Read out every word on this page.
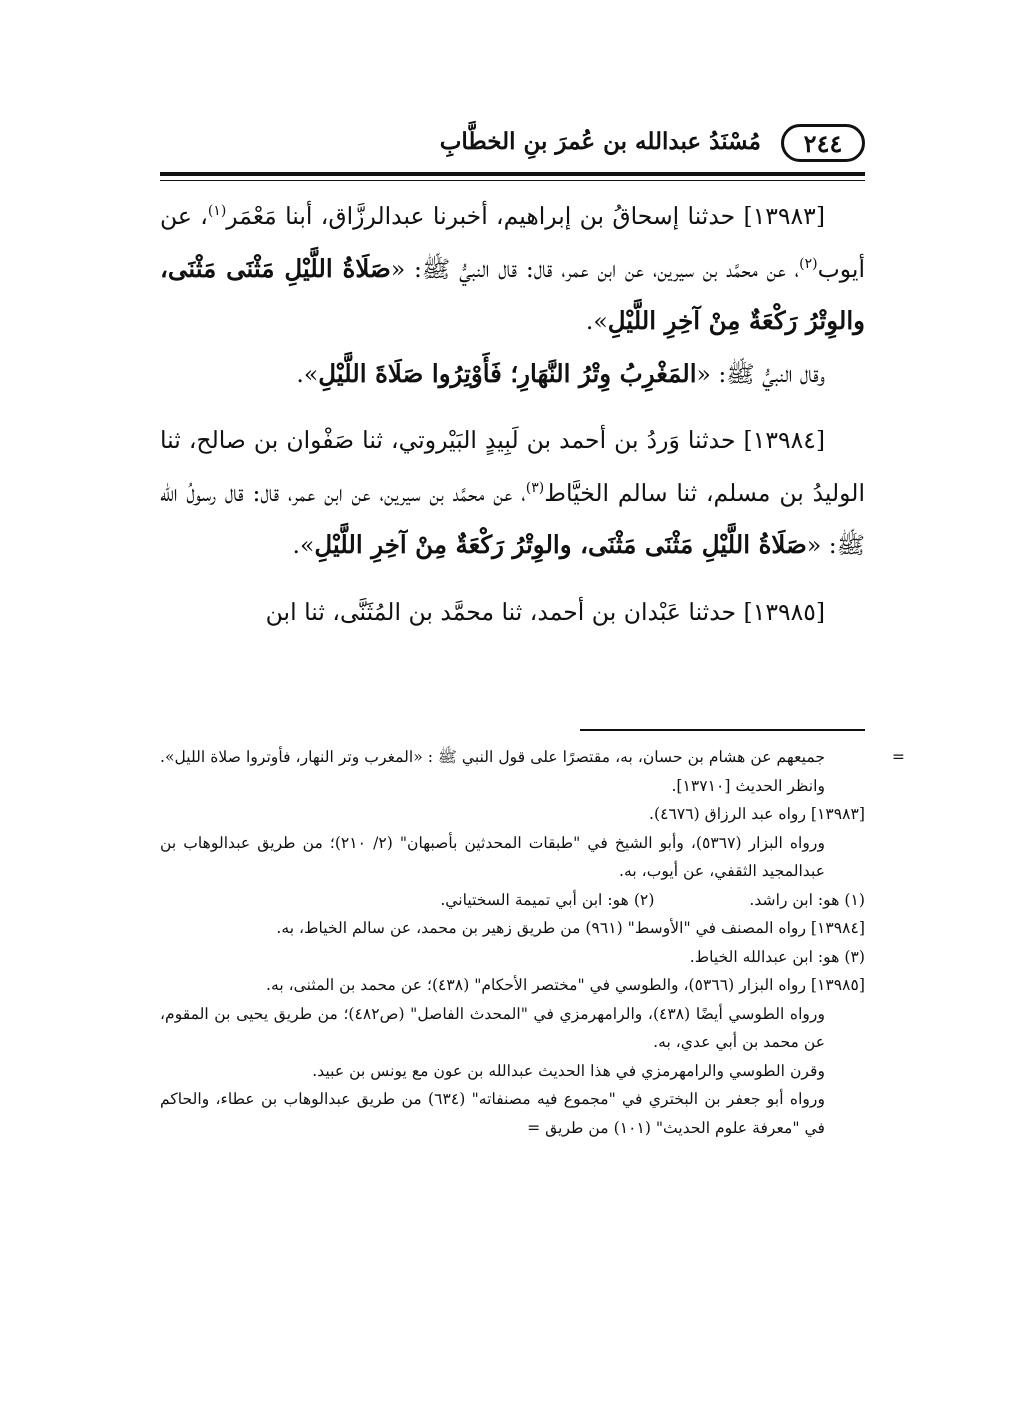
٢٤٤
مُسْنَدُ عبدالله بن عُمرَ بنِ الخطَّابِ

[١٣٩٨٣] حدثنا إسحاقُ بن إبراهيم، أخبرنا عبدالرزَّاق، أبنا مَعْمَر$^{(١)}$، عن أيوب$^{(٢)}$، عن محمَّد بن سيرين، عن ابن عمر، قال: قال النبيُّ ﷺ: «صَلَاةُ اللَّيْلِ مَثْنَى مَثْنَى، والوِتْرُ رَكْعَةٌ مِنْ آخِرِ اللَّيْلِ».

وقال النبيُّ ﷺ: «المَغْرِبُ وِتْرُ النَّهَارِ؛ فَأَوْتِرُوا صَلَاةَ اللَّيْلِ».

[١٣٩٨٤] حدثنا وَردُ بن أحمد بن لَبِيدٍ البَيْروتي، ثنا صَفْوان بن صالح، ثنا الوليدُ بن مسلم، ثنا سالم الخيَّاط$^{(٣)}$، عن محمَّد بن سيرين، عن ابن عمر، قال: قال رسولُ الله ﷺ: «صَلَاةُ اللَّيْلِ مَثْنَى مَثْنَى، والوِتْرُ رَكْعَةٌ مِنْ آخِرِ اللَّيْلِ».

[١٣٩٨٥] حدثنا عَبْدان بن أحمد، ثنا محمَّد بن المُثَنَّى، ثنا ابن

=جميعهم عن هشام بن حسان، به، مقتصرًا على قول النبي ﷺ : «المغرب وتر النهار، فأوتروا صلاة الليل». وانظر الحديث [١٣٧١٠].

[١٣٩٨٣] رواه عبد الرزاق (٤٦٧٦).

ورواه البزار (٥٣٦٧)، وأبو الشيخ في "طبقات المحدثين بأصبهان" (٢/ ٢١٠)؛ من طريق عبدالوهاب بن عبدالمجيد الثقفي، عن أيوب، به.

(١) هو: ابن راشد.
(٢) هو: ابن أبي تميمة السختياني.

[١٣٩٨٤] رواه المصنف في "الأوسط" (٩٦١) من طريق زهير بن محمد، عن سالم الخياط، به.

(٣) هو: ابن عبدالله الخياط.

[١٣٩٨٥] رواه البزار (٥٣٦٦)، والطوسي في "مختصر الأحكام" (٤٣٨)؛ عن محمد بن المثنى، به.

ورواه الطوسي أيضًا (٤٣٨)، والرامهرمزي في "المحدث الفاصل" (ص٤٨٢)؛ من طريق يحيى بن المقوم، عن محمد بن أبي عدي، به.

وقرن الطوسي والرامهرمزي في هذا الحديث عبدالله بن عون مع يونس بن عبيد.

ورواه أبو جعفر بن البختري في "مجموع فيه مصنفاته" (٦٣٤) من طريق عبدالوهاب بن عطاء، والحاكم في "معرفة علوم الحديث" (١٠١) من طريق =
